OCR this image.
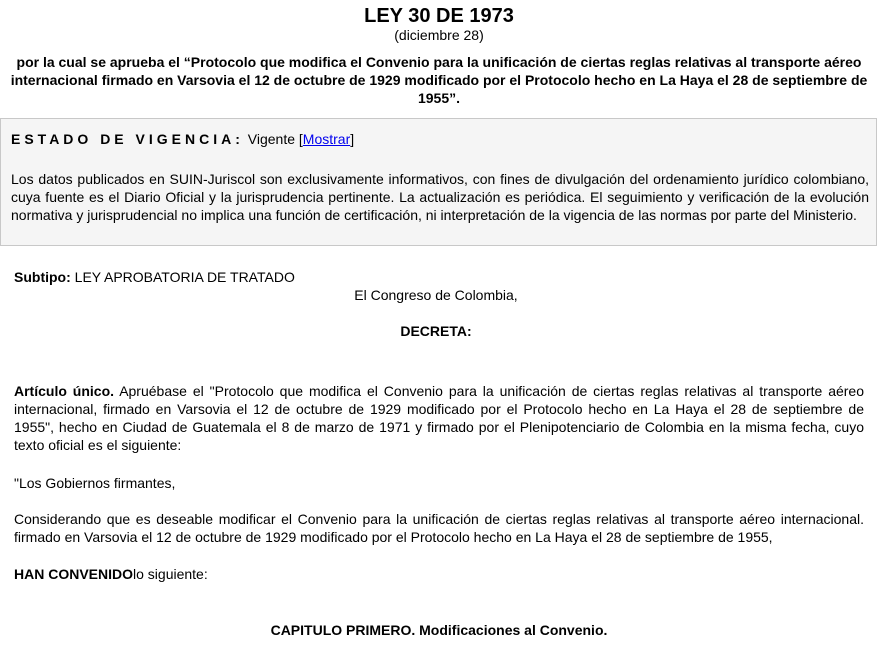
LEY 30 DE 1973
(diciembre 28)

por la cual se aprueba el “Protocolo que modifica el Convenio para la unificación de ciertas reglas relativas al transporte aéreo internacional firmado en Varsovia el 12 de octubre de 1929 modificado por el Protocolo hecho en La Haya el 28 de septiembre de 1955”.

ESTADO DE VIGENCIA: Vigente [Mostrar]

Los datos publicados en SUIN-Juriscol son exclusivamente informativos, con fines de divulgación del ordenamiento jurídico colombiano, cuya fuente es el Diario Oficial y la jurisprudencia pertinente. La actualización es periódica. El seguimiento y verificación de la evolución normativa y jurisprudencial no implica una función de certificación, ni interpretación de la vigencia de las normas por parte del Ministerio.

Subtipo: LEY APROBATORIA DE TRATADO
El Congreso de Colombia,
DECRETA:

Artículo único. Apruébase el "Protocolo que modifica el Convenio para la unificación de ciertas reglas relativas al transporte aéreo internacional, firmado en Varsovia el 12 de octubre de 1929 modificado por el Protocolo hecho en La Haya el 28 de septiembre de 1955", hecho en Ciudad de Guatemala el 8 de marzo de 1971 y firmado por el Plenipotenciario de Colombia en la misma fecha, cuyo texto oficial es el siguiente:

"Los Gobiernos firmantes,

Considerando que es deseable modificar el Convenio para la unificación de ciertas reglas relativas al transporte aéreo internacional. firmado en Varsovia el 12 de octubre de 1929 modificado por el Protocolo hecho en La Haya el 28 de septiembre de 1955,

HAN CONVENIDOlo siguiente:

CAPITULO PRIMERO. Modificaciones al Convenio.
